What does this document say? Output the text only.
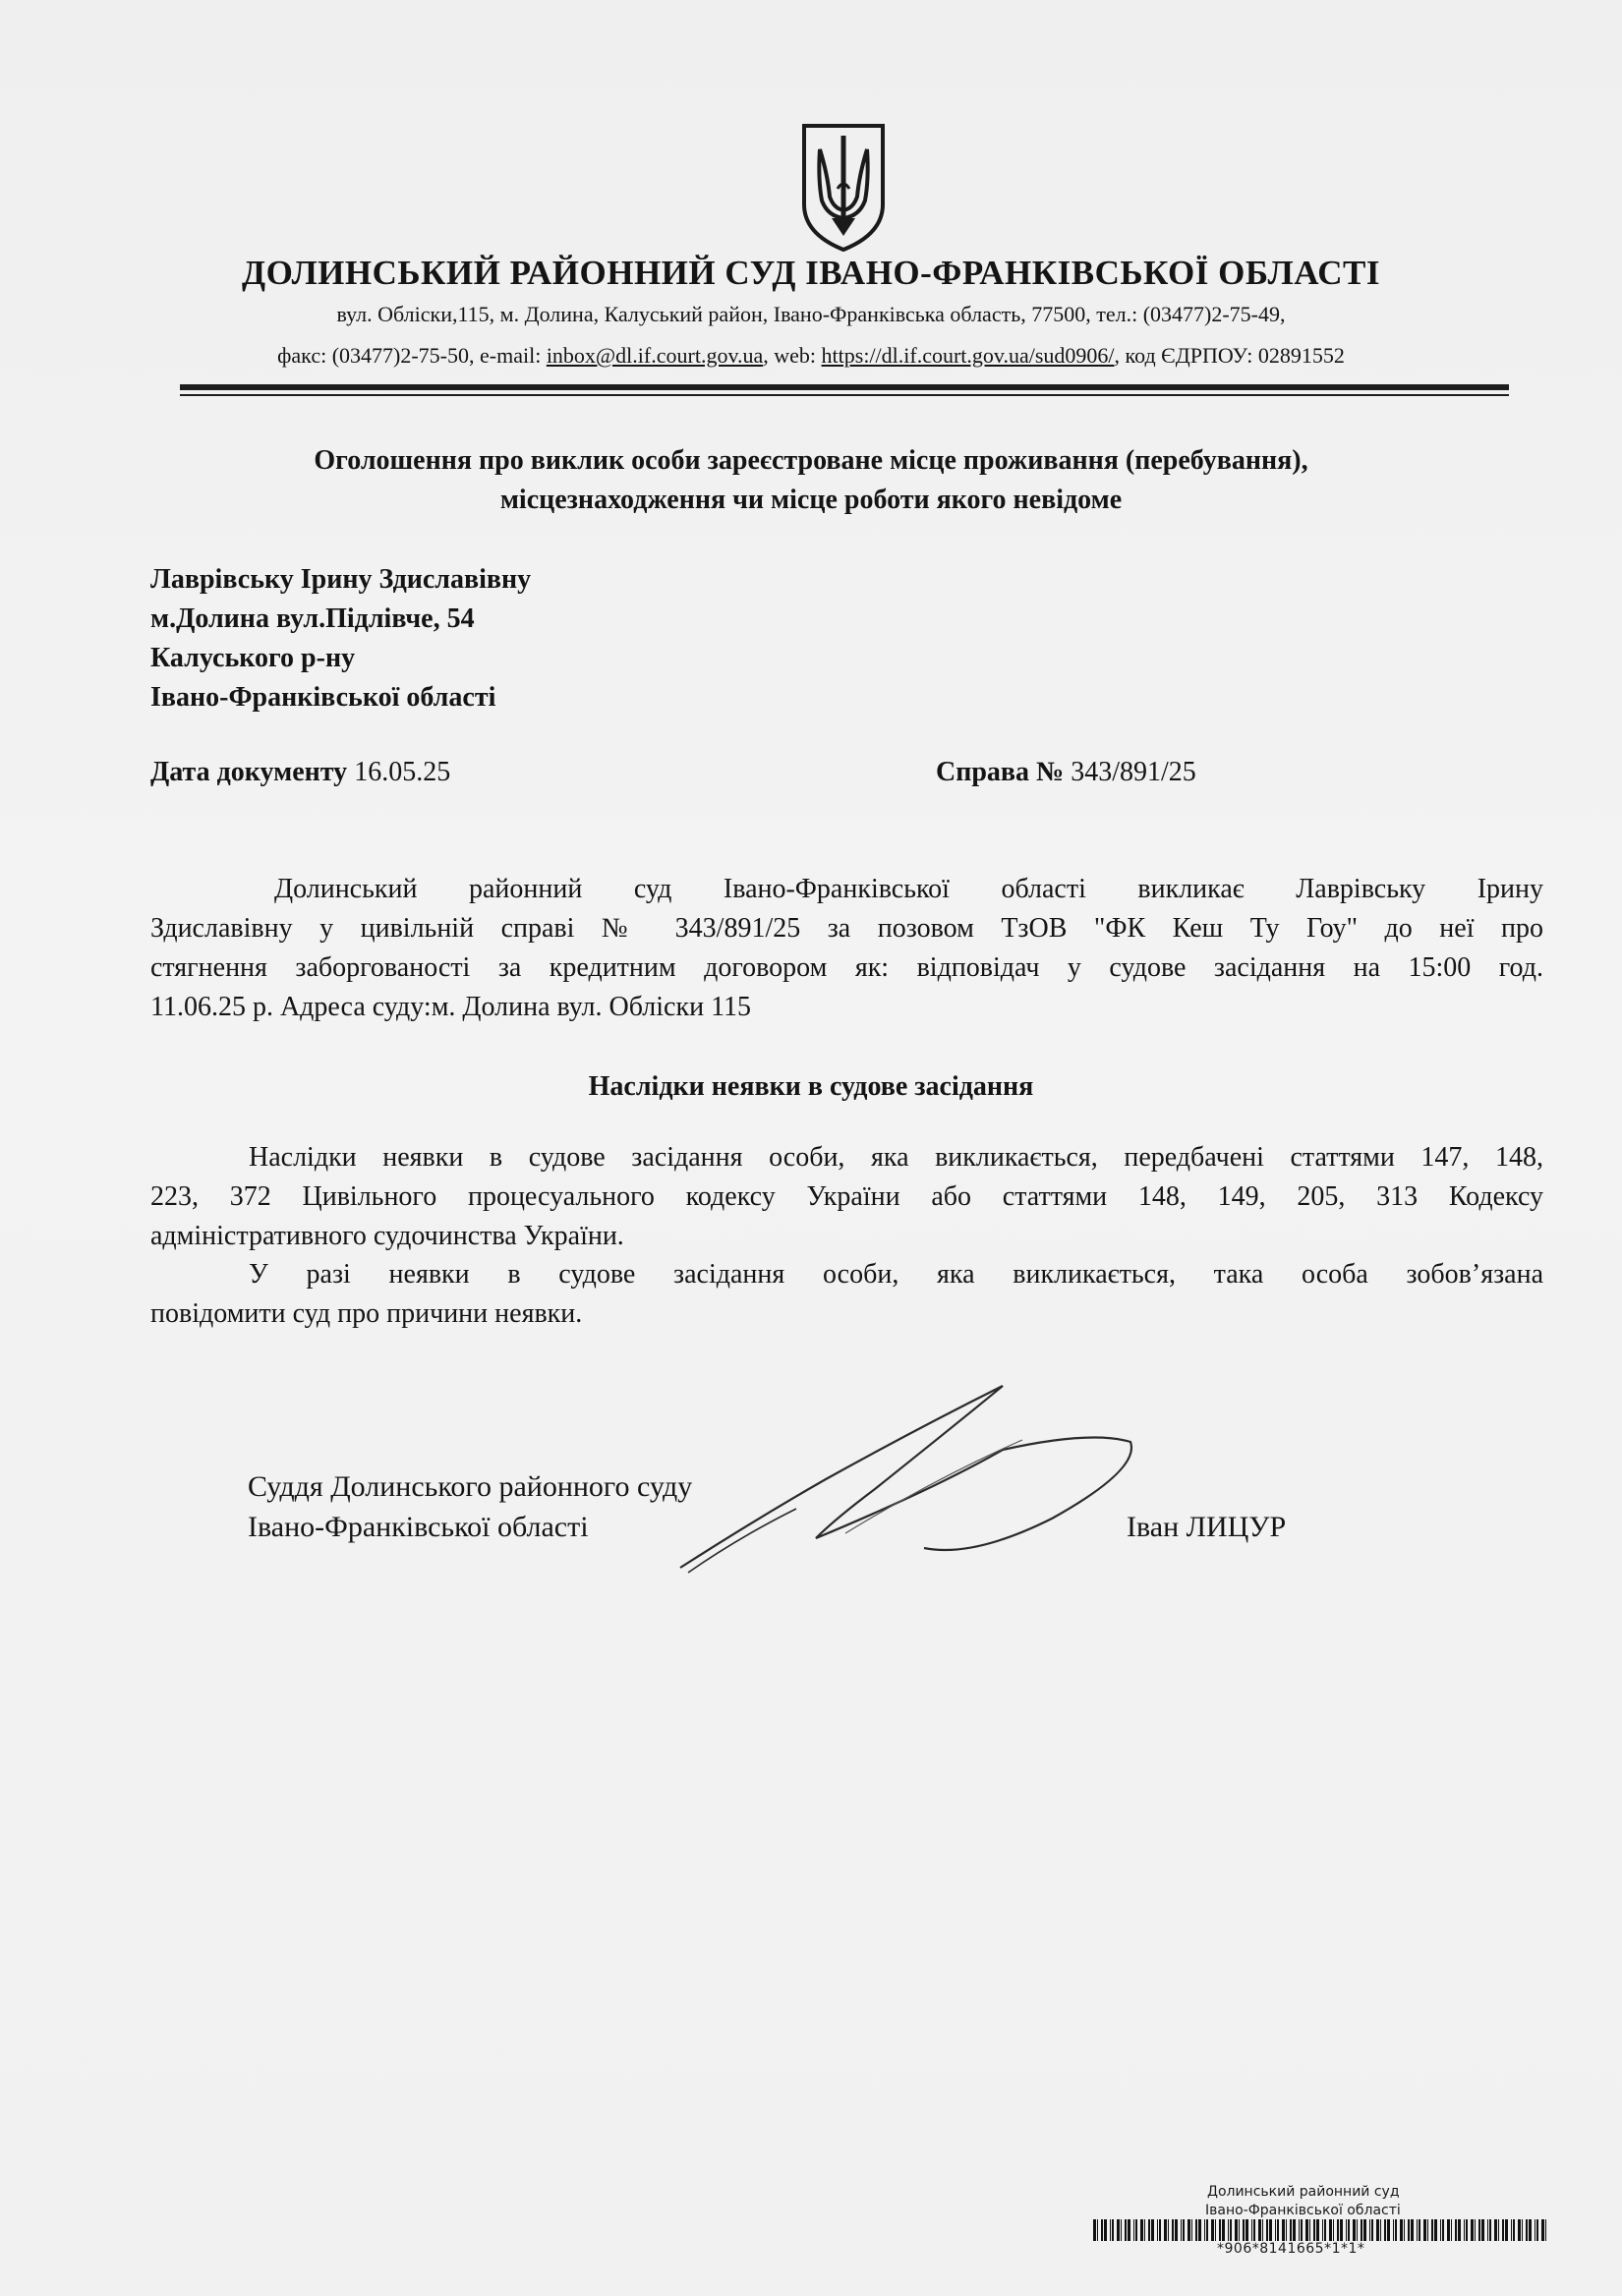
ДОЛИНСЬКИЙ РАЙОННИЙ СУД ІВАНО-ФРАНКІВСЬКОЇ ОБЛАСТІ
вул. Обліски,115, м. Долина, Калуський район, Івано-Франківська область, 77500, тел.: (03477)2-75-49,
факс: (03477)2-75-50, e-mail: inbox@dl.if.court.gov.ua, web: https://dl.if.court.gov.ua/sud0906/, код ЄДРПОУ: 02891552
Оголошення про виклик особи зареєстроване місце проживання (перебування),
місцезнаходження чи місце роботи якого невідоме
Лаврівську Ірину Здиславівну
м.Долина вул.Підлівче, 54
Калуського р-ну
Івано-Франківської області
Дата документу 16.05.25	Справа № 343/891/25
Долинський районний суд Івано-Франківської області викликає Лаврівську Ірину
Здиславівну у цивільній справі № 343/891/25 за позовом ТзОВ "ФК Кеш Ту Гоу" до неї про
стягнення заборгованості за кредитним договором як: відповідач у судове засідання на 15:00 год.
11.06.25 р. Адреса суду:м. Долина вул. Обліски 115
Наслідки неявки в судове засідання
Наслідки неявки в судове засідання особи, яка викликається, передбачені статтями 147, 148,
223, 372 Цивільного процесуального кодексу України або статтями 148, 149, 205, 313 Кодексу
адміністративного судочинства України.
У разі неявки в судове засідання особи, яка викликається, така особа зобов’язана
повідомити суд про причини неявки.
Суддя Долинського районного суду
Івано-Франківської області	Іван ЛИЦУР
Долинський районний суд
Івано-Франківської області
*906*8141665*1*1*
